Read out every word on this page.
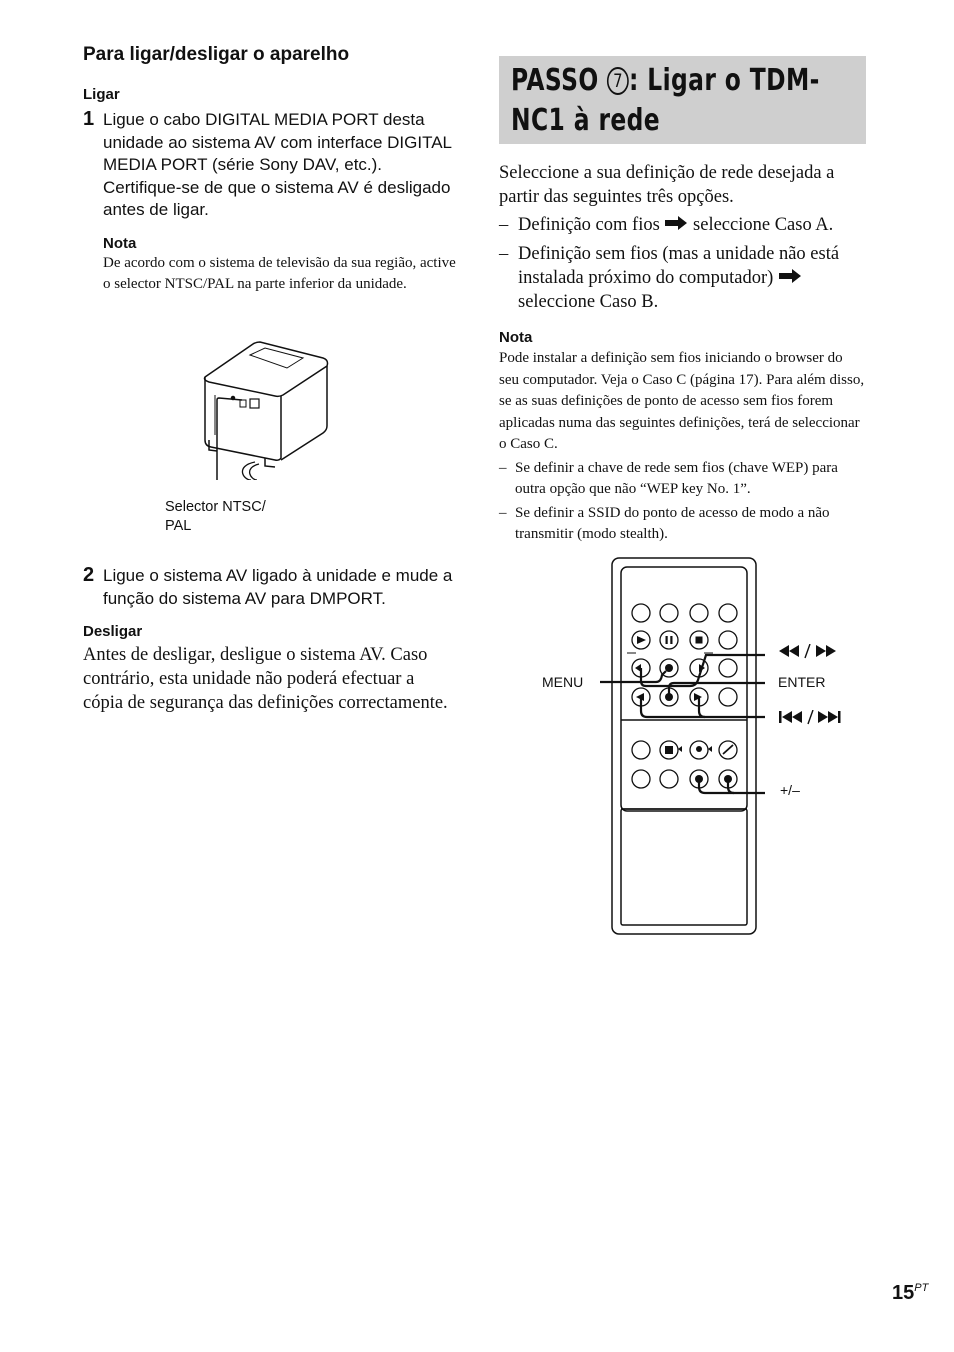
Para ligar/desligar o aparelho
Ligar
1 Ligue o cabo DIGITAL MEDIA PORT desta unidade ao sistema AV com interface DIGITAL MEDIA PORT (série Sony DAV, etc.). Certifique-se de que o sistema AV é desligado antes de ligar.
Nota
De acordo com o sistema de televisão da sua região, active o selector NTSC/PAL na parte inferior da unidade.
Selector NTSC/
PAL
2 Ligue o sistema AV ligado à unidade e mude a função do sistema AV para DMPORT.
Desligar
Antes de desligar, desligue o sistema AV. Caso contrário, esta unidade não poderá efectuar a cópia de segurança das definições correctamente.
PASSO 7 : Ligar o TDM-
NC1 à rede
Seleccione a sua definição de rede desejada a partir das seguintes três opções.
– Definição com fios seleccione Caso A.
– Definição sem fios (mas a unidade não está instalada próximo do computador)  seleccione Caso B.
Nota
Pode instalar a definição sem fios iniciando o browser do seu computador. Veja o Caso C (página 17). Para além disso, se as suas definições de ponto de acesso sem fios forem aplicadas numa das seguintes definições, terá de seleccionar o Caso C.
– Se definir a chave de rede sem fios (chave WEP) para outra opção que não “WEP key No. 1”.
– Se definir a SSID do ponto de acesso de modo a não transmitir (modo stealth).
MENU	ENTER
+/–
$15^{PT}$
